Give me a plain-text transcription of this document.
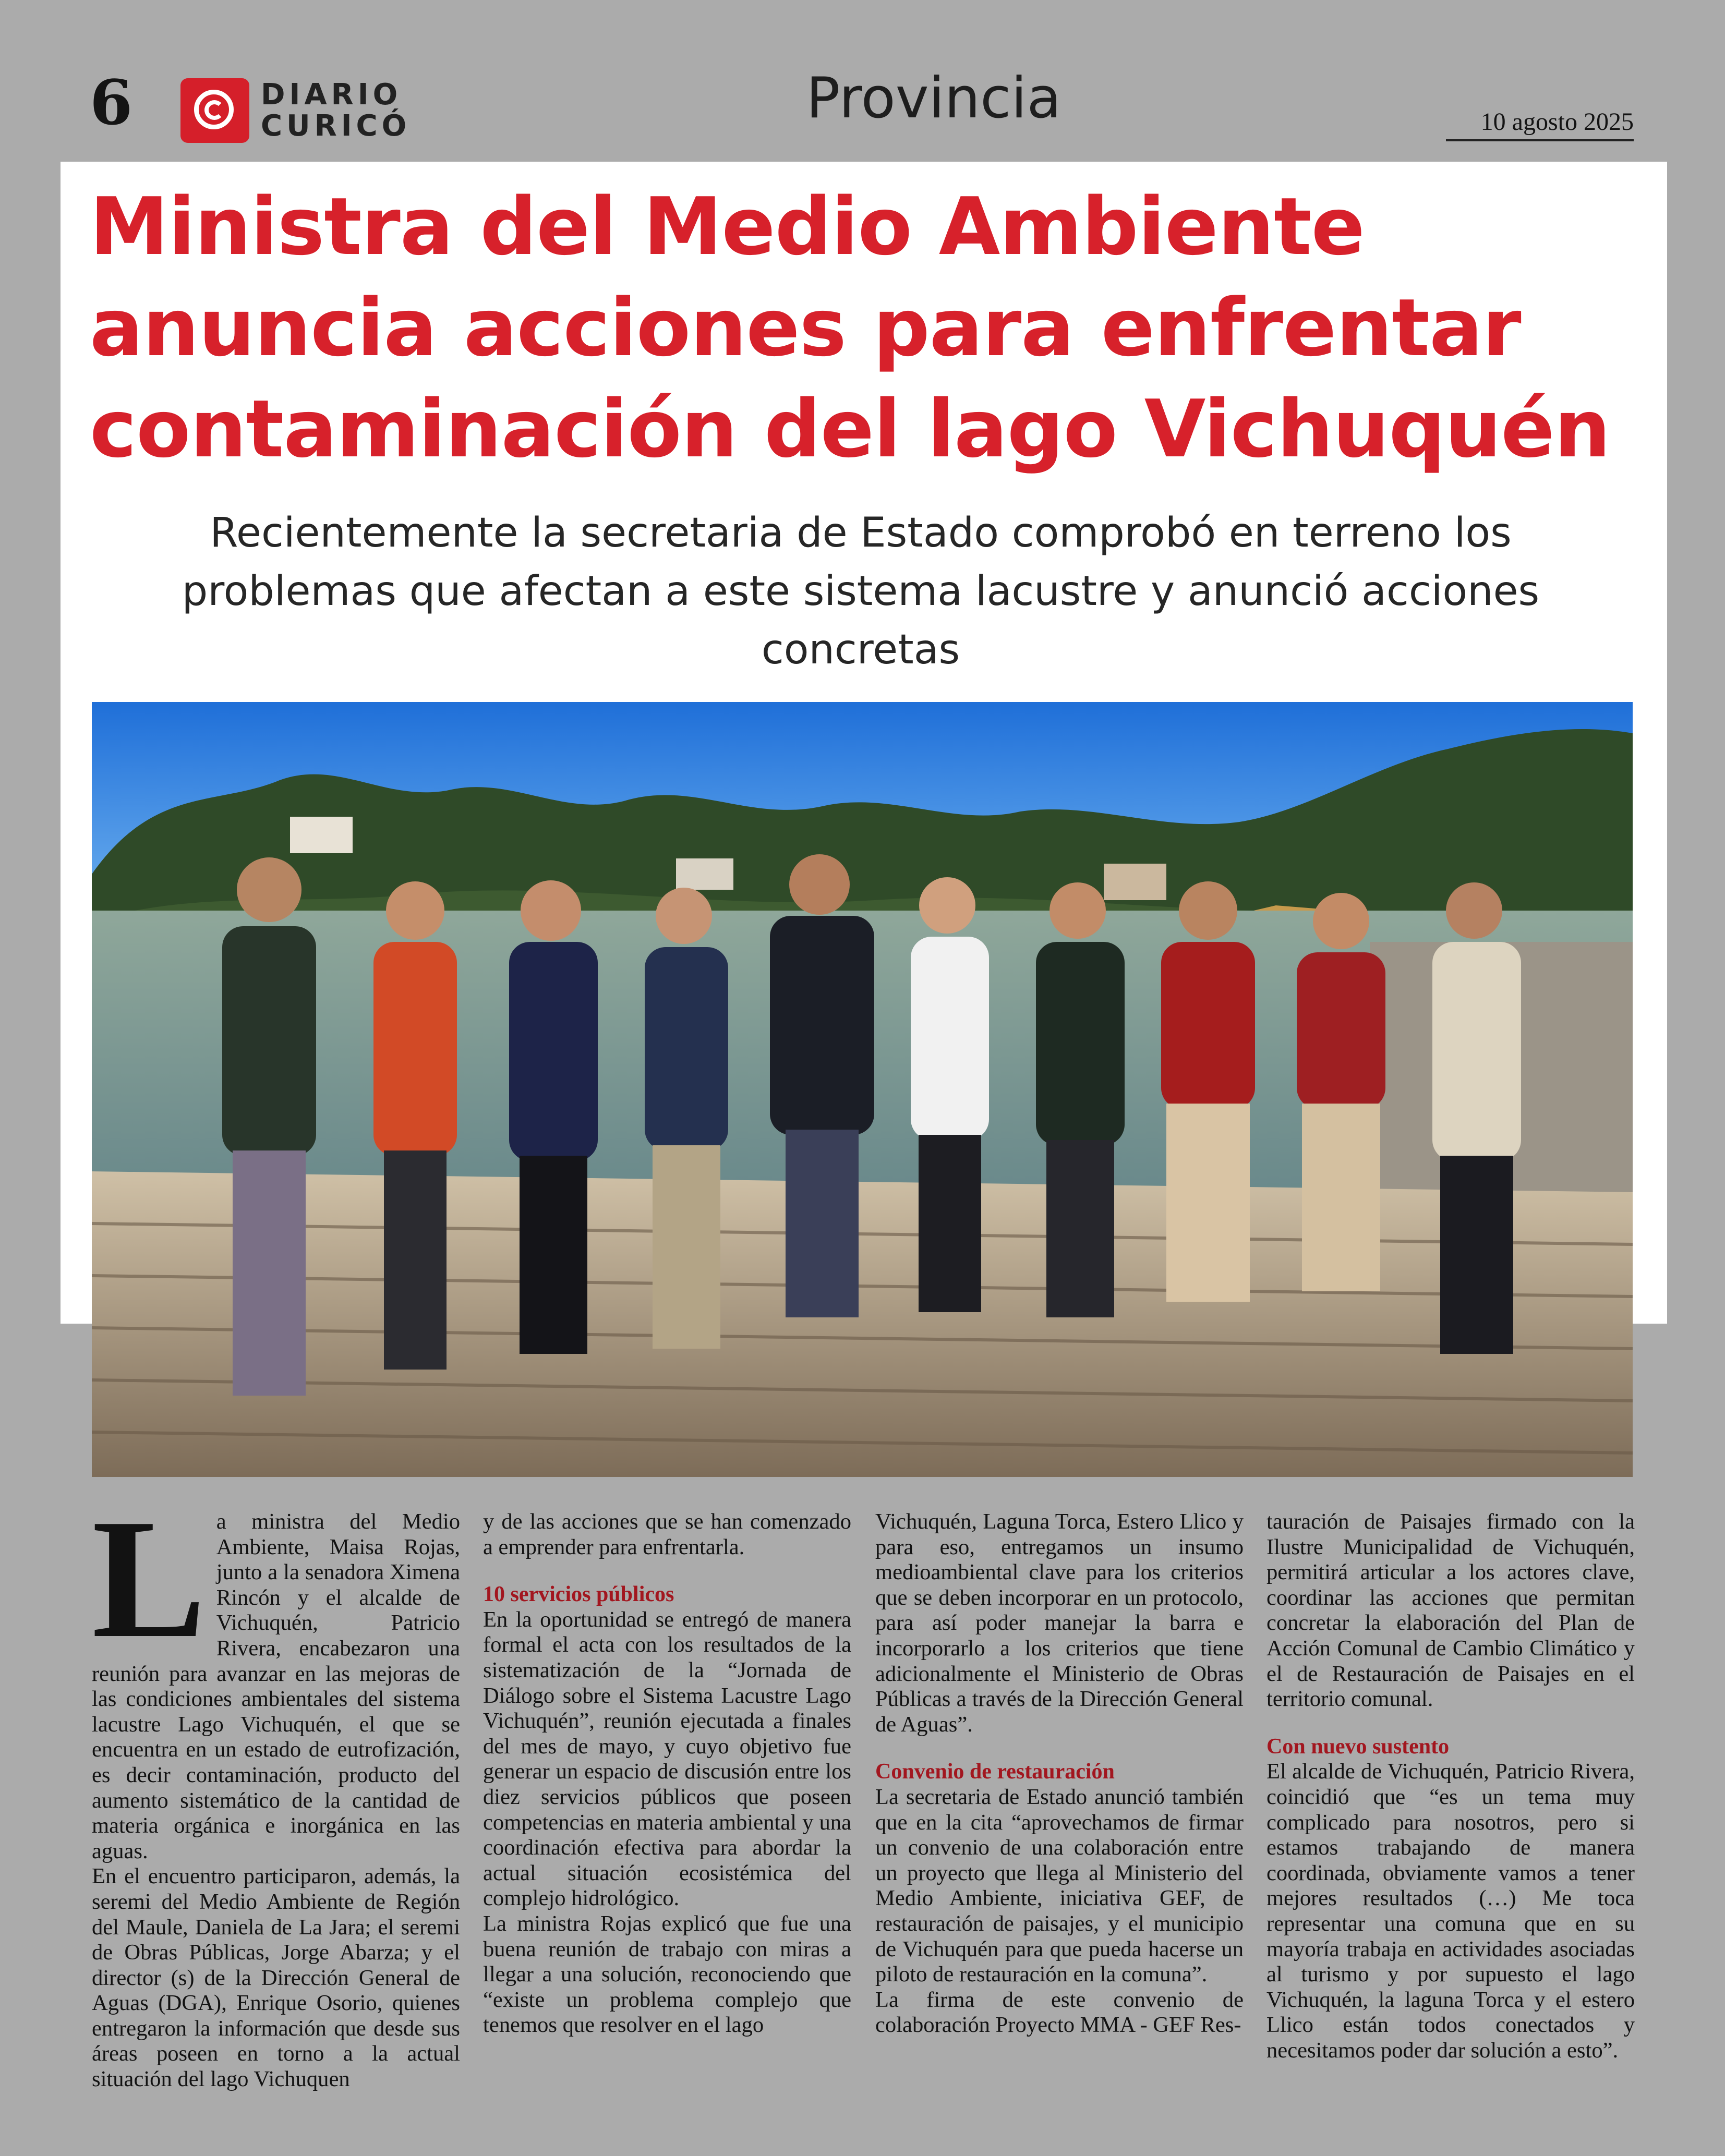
6	DIARIO
CURICÓ	Provincia	10 agosto 2025
Ministra del Medio Ambiente anuncia acciones para enfrentar contaminación del lago Vichuquén
Recientemente la secretaria de Estado comprobó en terreno los problemas que afectan a este sistema lacustre y anunció acciones concretas
L a ministra del Medio Ambiente, Maisa Rojas, junto a la senadora Ximena Rincón y el alcalde de Vichuquén, Patricio Rivera, encabezaron una reunión para avanzar en las mejoras de las condiciones ambientales del sistema lacustre Lago Vichuquén, el que se encuentra en un estado de eutrofización, es decir contaminación, producto del aumento sistemático de la cantidad de materia orgánica e inorgánica en las aguas.

En el encuentro participaron, además, la seremi del Medio Ambiente de Región del Maule, Daniela de La Jara; el seremi de Obras Públicas, Jorge Abarza; y el director (s) de la Dirección General de Aguas (DGA), Enrique Osorio, quienes entregaron la información que desde sus áreas poseen en torno a la actual situación del lago Vichuquen

y de las acciones que se han comenzado a emprender para enfrentarla.

10 servicios públicos

En la oportunidad se entregó de manera formal el acta con los resultados de la sistematización de la “Jornada de Diálogo sobre el Sistema Lacustre Lago Vichuquén”, reunión ejecutada a finales del mes de mayo, y cuyo objetivo fue generar un espacio de discusión entre los diez servicios públicos que poseen competencias en materia ambiental y una coordinación efectiva para abordar la actual situación ecosistémica del complejo hidrológico.

La ministra Rojas explicó que fue una buena reunión de trabajo con miras a llegar a una solución, reconociendo que “existe un problema complejo que tenemos que resolver en el lago

Vichuquén, Laguna Torca, Estero Llico y para eso, entregamos un insumo medioambiental clave para los criterios que se deben incorporar en un protocolo, para así poder manejar la barra e incorporarlo a los criterios que tiene adicionalmente el Ministerio de Obras Públicas a través de la Dirección General de Aguas”.

Convenio de restauración

La secretaria de Estado anunció también que en la cita “aprovechamos de firmar un convenio de una colaboración entre un proyecto que llega al Ministerio del Medio Ambiente, iniciativa GEF, de restauración de paisajes, y el municipio de Vichuquén para que pueda hacerse un piloto de restauración en la comuna”.

La firma de este convenio de colaboración Proyecto MMA - GEF Res-

tauración de Paisajes firmado con la Ilustre Municipalidad de Vichuquén, permitirá articular a los actores clave, coordinar las acciones que permitan concretar la elaboración del Plan de Acción Comunal de Cambio Climático y el de Restauración de Paisajes en el territorio comunal.

Con nuevo sustento

El alcalde de Vichuquén, Patricio Rivera, coincidió que “es un tema muy complicado para nosotros, pero si estamos trabajando de manera coordinada, obviamente vamos a tener mejores resultados (…) Me toca representar una comuna que en su mayoría trabaja en actividades asociadas al turismo y por supuesto el lago Vichuquén, la laguna Torca y el estero Llico están todos conectados y necesitamos poder dar solución a esto”.
